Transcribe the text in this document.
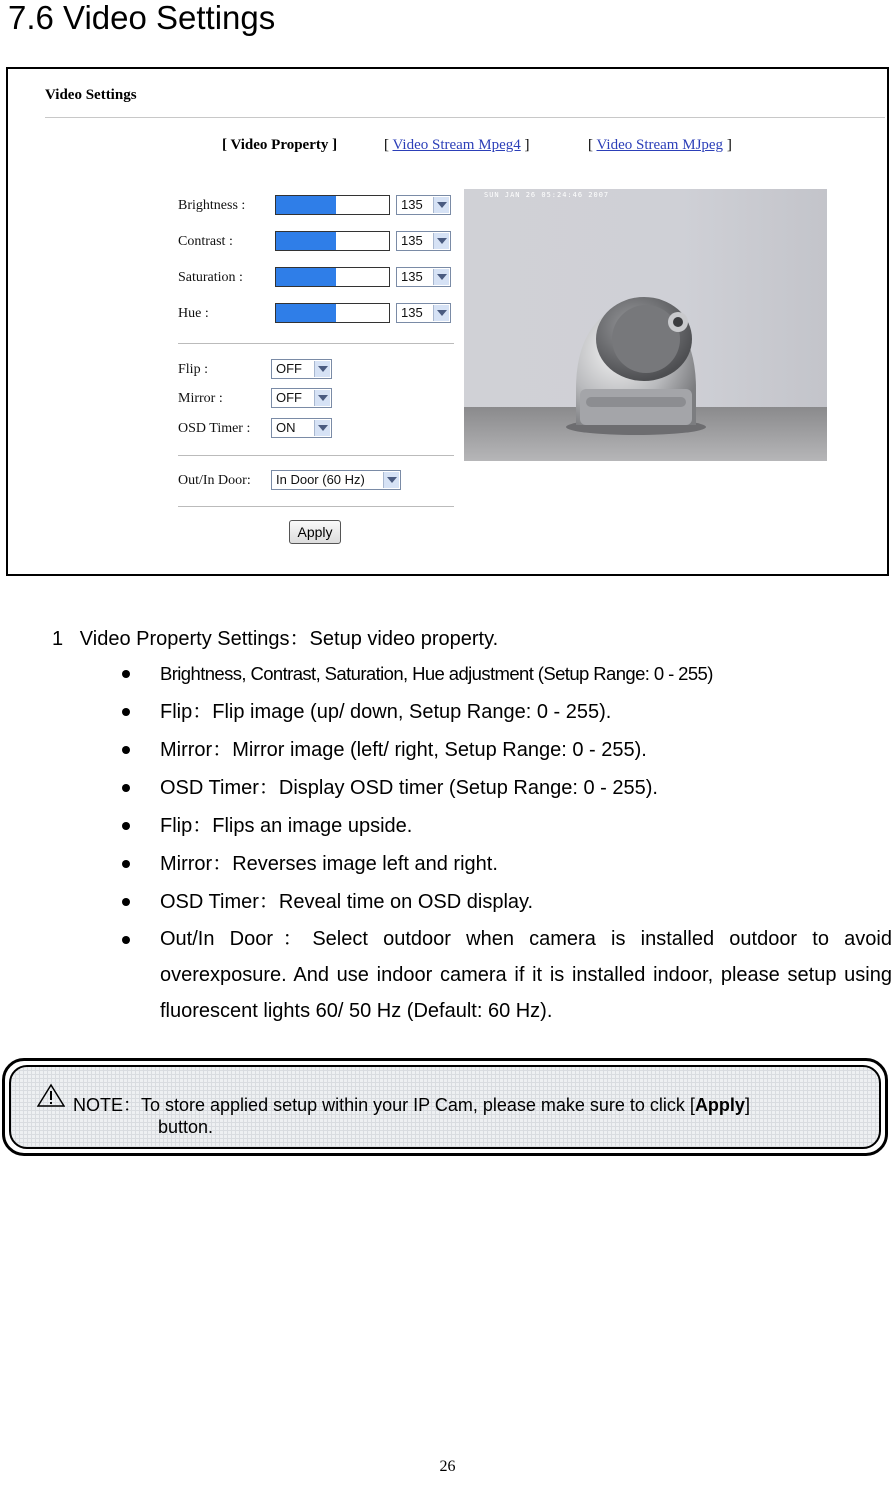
7.6 Video Settings
Video Settings
[ Video Property ]	[ Video Stream Mpeg4 ]	[ Video Stream MJpeg ]
Brightness :	135
Contrast :	135
Saturation :	135
Hue :	135
Flip :	OFF
Mirror :	OFF
OSD Timer :	ON
Out/In Door:	In Door (60 Hz)
Apply
SUN JAN 26 05:24:46 2007
1   Video Property Settings：Setup video property.
Brightness, Contrast, Saturation, Hue adjustment (Setup Range: 0 - 255)
Flip：Flip image (up/ down, Setup Range: 0 - 255).
Mirror：Mirror image (left/ right, Setup Range: 0 - 255).
OSD Timer：Display OSD timer (Setup Range: 0 - 255).
Flip：Flips an image upside.
Mirror：Reverses image left and right.
OSD Timer：Reveal time on OSD display.
Out/In Door：Select outdoor when camera is installed outdoor to avoid overexposure. And use indoor camera if it is installed indoor, please setup using fluorescent lights 60/ 50 Hz (Default: 60 Hz).
NOTE：To store applied setup within your IP Cam, please make sure to click [Apply]
button.
26
